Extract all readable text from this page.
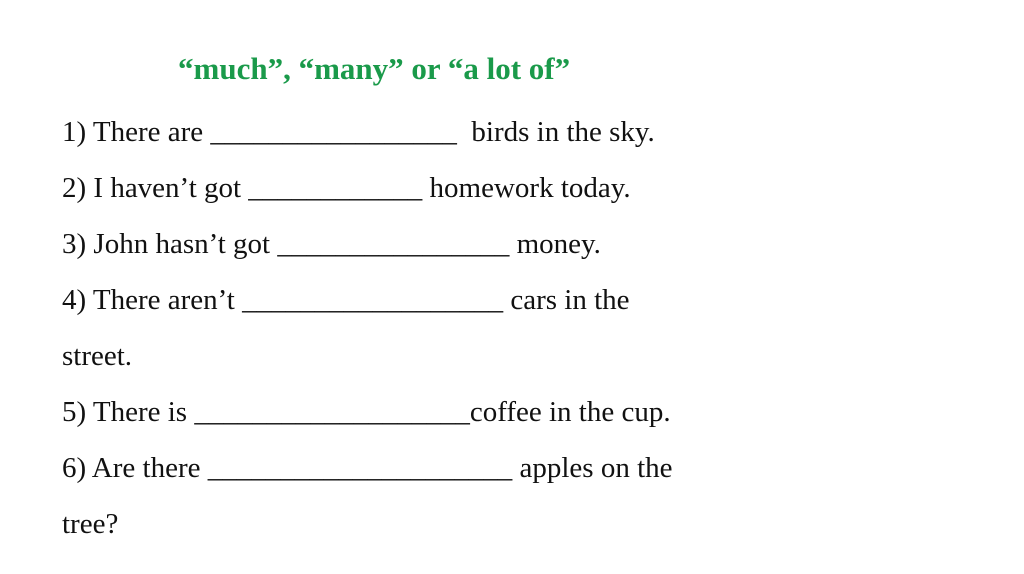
“much”, “many” or “a lot of”
1) There are _________________  birds in the sky.
2) I haven’t got ____________ homework today.
3) John hasn’t got ________________ money.
4) There aren’t __________________ cars in the
street.
5) There is ___________________coffee in the cup.
6) Are there _____________________ apples on the
tree?
